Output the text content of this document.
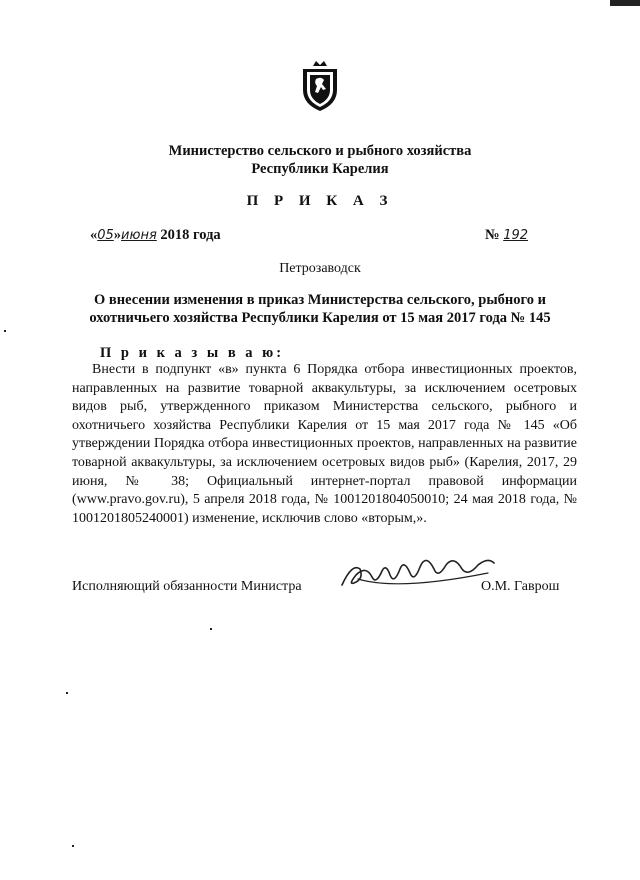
Министерство сельского и рыбного хозяйства
Республики Карелия
П Р И К А З
«05»июня 2018 года	№ 192
Петрозаводск
О внесении изменения в приказ Министерства сельского, рыбного и охотничьего хозяйства Республики Карелия от 15 мая 2017 года № 145
П р и к а з ы в а ю:

Внести в подпункт «в» пункта 6 Порядка отбора инвестиционных проектов, направленных на развитие товарной аквакультуры, за исключением осетровых видов рыб, утвержденного приказом Министерства сельского, рыбного и охотничьего хозяйства Республики Карелия от 15 мая 2017 года № 145 «Об утверждении Порядка отбора инвестиционных проектов, направленных на развитие товарной аквакультуры, за исключением осетровых видов рыб» (Карелия, 2017, 29 июня, № 38; Официальный интернет-портал правовой информации (www.pravo.gov.ru), 5 апреля 2018 года, № 1001201804050010; 24 мая 2018 года, № 1001201805240001) изменение, исключив слово «вторым,».

Исполняющий обязанности Министра	О.М. Гаврош
